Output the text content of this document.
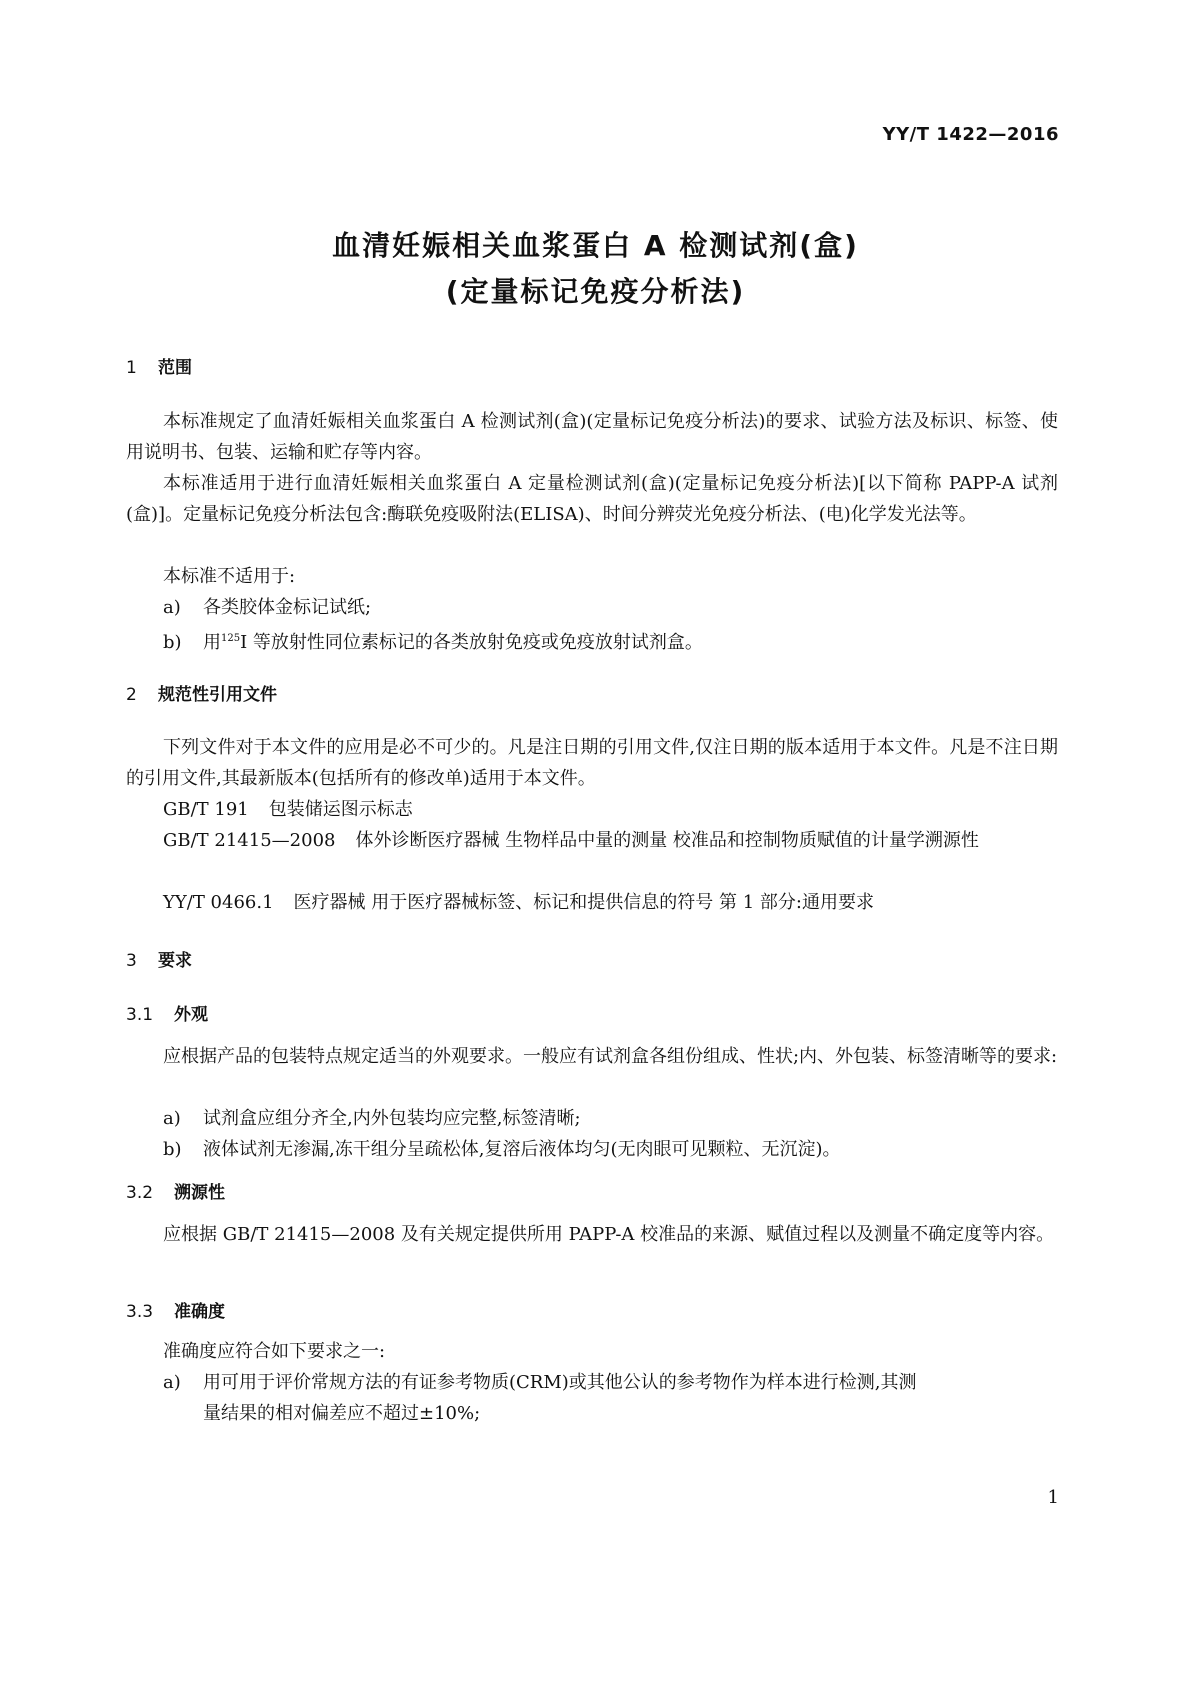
YY/T 1422—2016
血清妊娠相关血浆蛋白 A 检测试剂(盒)
(定量标记免疫分析法)
1 范围
本标准规定了血清妊娠相关血浆蛋白 A 检测试剂(盒)(定量标记免疫分析法)的要求、试验方法及标识、标签、使用说明书、包装、运输和贮存等内容。
本标准适用于进行血清妊娠相关血浆蛋白 A 定量检测试剂(盒)(定量标记免疫分析法)[以下简称 PAPP-A 试剂(盒)]。定量标记免疫分析法包含:酶联免疫吸附法(ELISA)、时间分辨荧光免疫分析法、(电)化学发光法等。
本标准不适用于:
a) 各类胶体金标记试纸;
b) 用$^{125}$I 等放射性同位素标记的各类放射免疫或免疫放射试剂盒。
2 规范性引用文件
下列文件对于本文件的应用是必不可少的。凡是注日期的引用文件,仅注日期的版本适用于本文件。凡是不注日期的引用文件,其最新版本(包括所有的修改单)适用于本文件。
GB/T 191 包装储运图示标志
GB/T 21415—2008 体外诊断医疗器械 生物样品中量的测量 校准品和控制物质赋值的计量学溯源性
YY/T 0466.1 医疗器械 用于医疗器械标签、标记和提供信息的符号 第 1 部分:通用要求
3 要求
3.1 外观
应根据产品的包装特点规定适当的外观要求。一般应有试剂盒各组份组成、性状;内、外包装、标签清晰等的要求:
a) 试剂盒应组分齐全,内外包装均应完整,标签清晰;
b) 液体试剂无渗漏,冻干组分呈疏松体,复溶后液体均匀(无肉眼可见颗粒、无沉淀)。
3.2 溯源性
应根据 GB/T 21415—2008 及有关规定提供所用 PAPP-A 校准品的来源、赋值过程以及测量不确定度等内容。
3.3 准确度
准确度应符合如下要求之一:
a) 用可用于评价常规方法的有证参考物质(CRM)或其他公认的参考物作为样本进行检测,其测
量结果的相对偏差应不超过±10%;
1
